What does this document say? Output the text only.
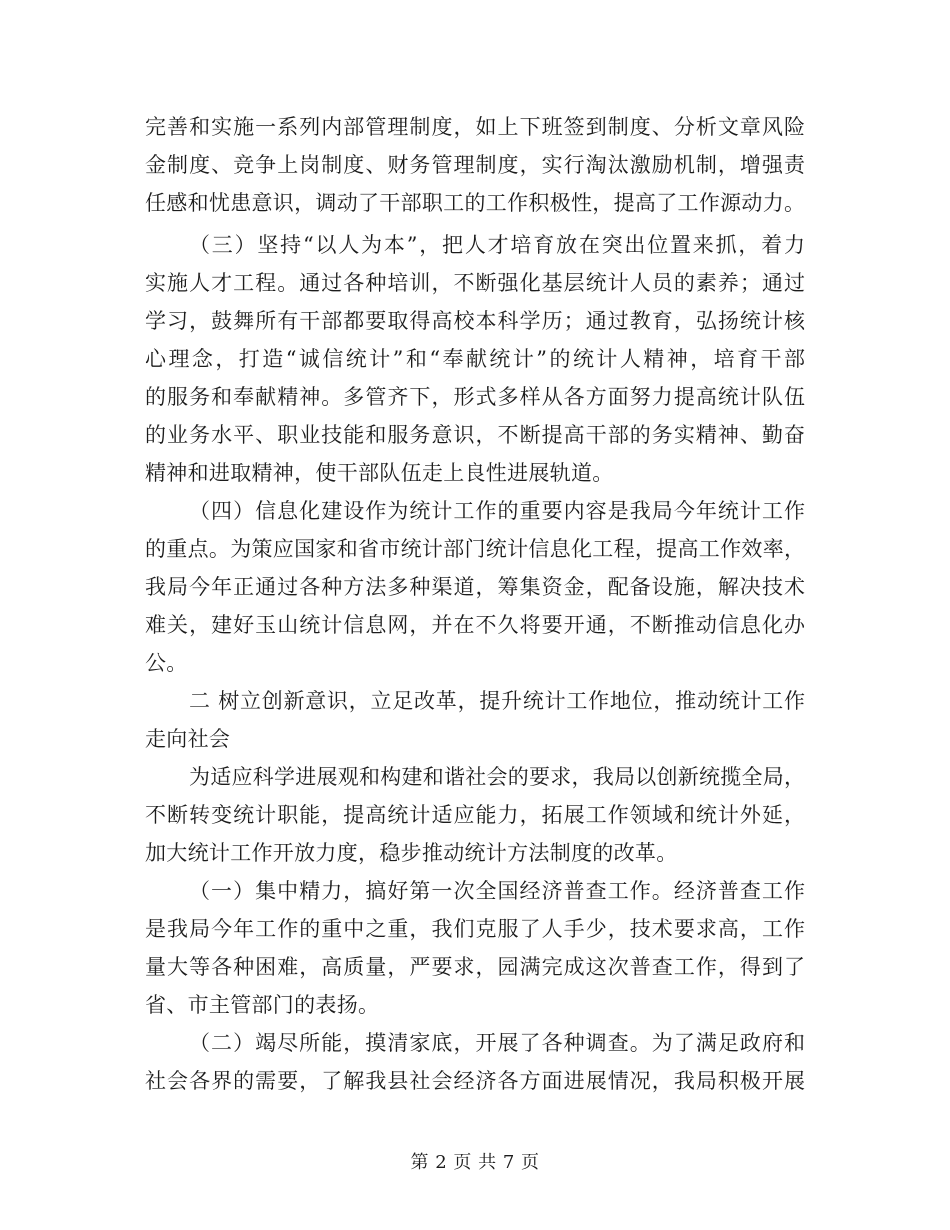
完善和实施一系列内部管理制度，如上下班签到制度、分析文章风险
金制度、竞争上岗制度、财务管理制度，实行淘汰激励机制，增强责
任感和忧患意识，调动了干部职工的工作积极性，提高了工作源动力。
（三）坚持“以人为本”，把人才培育放在突出位置来抓，着力
实施人才工程。通过各种培训，不断强化基层统计人员的素养；通过
学习，鼓舞所有干部都要取得高校本科学历；通过教育，弘扬统计核
心理念，打造“诚信统计”和“奉献统计”的统计人精神，培育干部
的服务和奉献精神。多管齐下，形式多样从各方面努力提高统计队伍
的业务水平、职业技能和服务意识，不断提高干部的务实精神、勤奋
精神和进取精神，使干部队伍走上良性进展轨道。
（四）信息化建设作为统计工作的重要内容是我局今年统计工作
的重点。为策应国家和省市统计部门统计信息化工程，提高工作效率，
我局今年正通过各种方法多种渠道，筹集资金，配备设施，解决技术
难关，建好玉山统计信息网，并在不久将要开通，不断推动信息化办
公。
二 树立创新意识，立足改革，提升统计工作地位，推动统计工作
走向社会
为适应科学进展观和构建和谐社会的要求，我局以创新统揽全局，
不断转变统计职能，提高统计适应能力，拓展工作领域和统计外延，
加大统计工作开放力度，稳步推动统计方法制度的改革。
（一）集中精力，搞好第一次全国经济普查工作。经济普查工作
是我局今年工作的重中之重，我们克服了人手少，技术要求高，工作
量大等各种困难，高质量，严要求，园满完成这次普查工作，得到了
省、市主管部门的表扬。
（二）竭尽所能，摸清家底，开展了各种调查。为了满足政府和
社会各界的需要，了解我县社会经济各方面进展情况，我局积极开展
第 2 页 共 7 页
